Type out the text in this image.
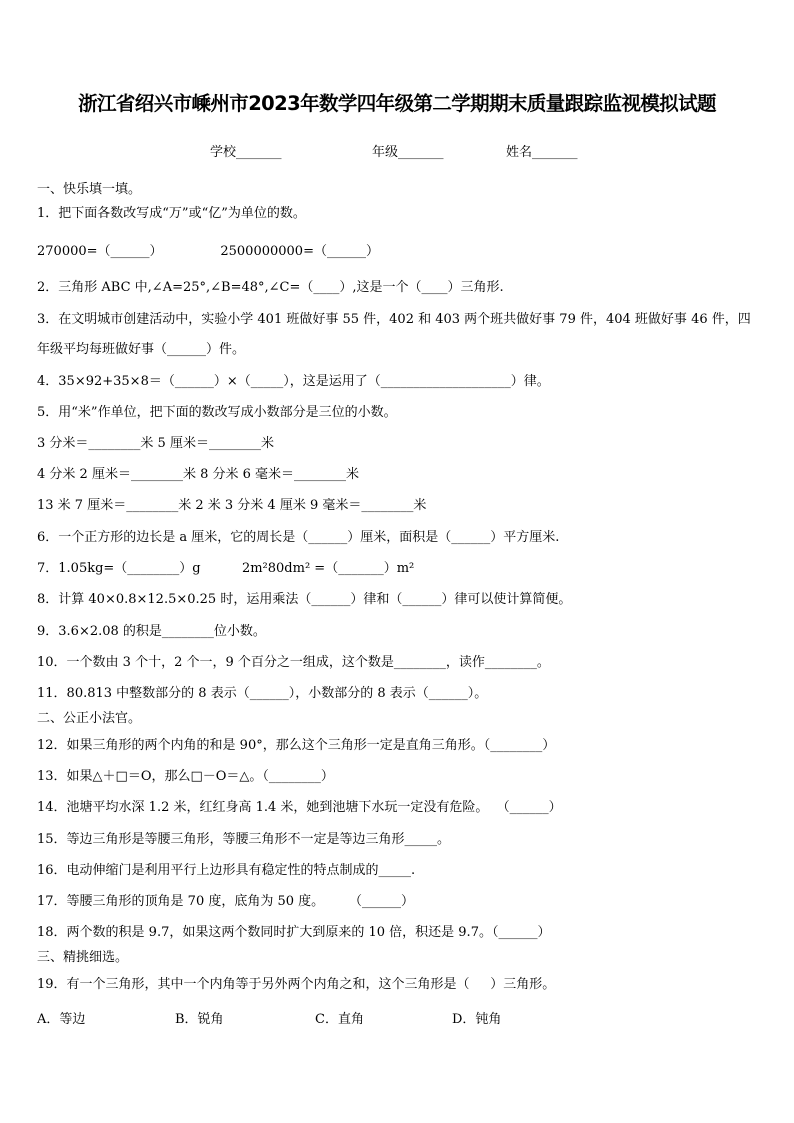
浙江省绍兴市嵊州市2023年数学四年级第二学期期末质量跟踪监视模拟试题
学校_______	年级_______	姓名_______
一、快乐填一填。
1．把下面各数改写成“万”或“亿”为单位的数。
270000=（______）              2500000000=（______）
2．三角形 ABC 中,∠A=25°,∠B=48°,∠C=（____）,这是一个（____）三角形.
3．在文明城市创建活动中，实验小学 401 班做好事 55 件，402 和 403 两个班共做好事 79 件，404 班做好事 46 件，四
年级平均每班做好事（______）件。
4．35×92+35×8＝（______）×（_____），这是运用了（____________________）律。
5．用“米”作单位，把下面的数改写成小数部分是三位的小数。
3 分米＝________米 5 厘米＝________米
4 分米 2 厘米＝________米 8 分米 6 毫米＝________米
13 米 7 厘米＝________米 2 米 3 分米 4 厘米 9 毫米＝________米
6．一个正方形的边长是 a 厘米，它的周长是（______）厘米，面积是（______）平方厘米.
7．1.05kg=（________）g          2m²80dm² =（_______）m²
8．计算 40×0.8×12.5×0.25 时，运用乘法（______）律和（______）律可以使计算简便。
9．3.6×2.08 的积是________位小数。
10．一个数由 3 个十，2 个一，9 个百分之一组成，这个数是________，读作________。
11．80.813 中整数部分的 8 表示（______），小数部分的 8 表示（______）。
二、公正小法官。
12．如果三角形的两个内角的和是 90°，那么这个三角形一定是直角三角形。（________）
13．如果△＋□＝O，那么□－O＝△。（________）
14．池塘平均水深 1.2 米，红红身高 1.4 米，她到池塘下水玩一定没有危险。  （______）
15．等边三角形是等腰三角形，等腰三角形不一定是等边三角形_____。
16．电动伸缩门是利用平行上边形具有稳定性的特点制成的_____.
17．等腰三角形的顶角是 70 度，底角为 50 度。      （______）
18．两个数的积是 9.7，如果这两个数同时扩大到原来的 10 倍，积还是 9.7。（______）
三、精挑细选。
19．有一个三角形，其中一个内角等于另外两个内角之和，这个三角形是（     ）三角形。
A．等边	B．锐角	C．直角	D．钝角
